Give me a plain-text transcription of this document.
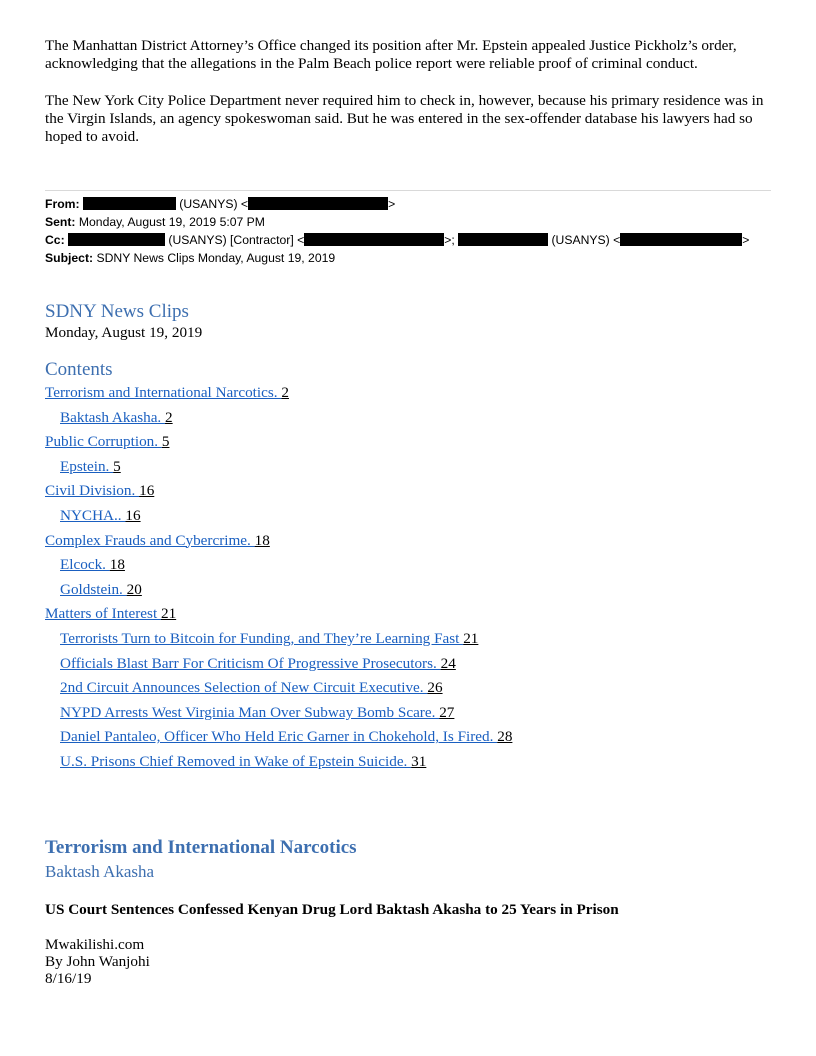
The Manhattan District Attorney’s Office changed its position after Mr. Epstein appealed Justice Pickholz’s order, acknowledging that the allegations in the Palm Beach police report were reliable proof of criminal conduct.

The New York City Police Department never required him to check in, however, because his primary residence was in the Virgin Islands, an agency spokeswoman said. But he was entered in the sex-offender database his lawyers had so hoped to avoid.

From:	(USANYS) <	>
Sent: Monday, August 19, 2019 5:07 PM
Cc:	(USANYS) [Contractor] <	>;	(USANYS) <	>
Subject: SDNY News Clips Monday, August 19, 2019
SDNY News Clips
Monday, August 19, 2019
Contents
Terrorism and International Narcotics. 2
Baktash Akasha. 2
Public Corruption. 5
Epstein. 5
Civil Division. 16
NYCHA.. 16
Complex Frauds and Cybercrime. 18
Elcock. 18
Goldstein. 20
Matters of Interest 21
Terrorists Turn to Bitcoin for Funding, and They’re Learning Fast 21
Officials Blast Barr For Criticism Of Progressive Prosecutors. 24
2nd Circuit Announces Selection of New Circuit Executive. 26
NYPD Arrests West Virginia Man Over Subway Bomb Scare. 27
Daniel Pantaleo, Officer Who Held Eric Garner in Chokehold, Is Fired. 28
U.S. Prisons Chief Removed in Wake of Epstein Suicide. 31
Terrorism and International Narcotics
Baktash Akasha
US Court Sentences Confessed Kenyan Drug Lord Baktash Akasha to 25 Years in Prison
Mwakilishi.com
By John Wanjohi
8/16/19
